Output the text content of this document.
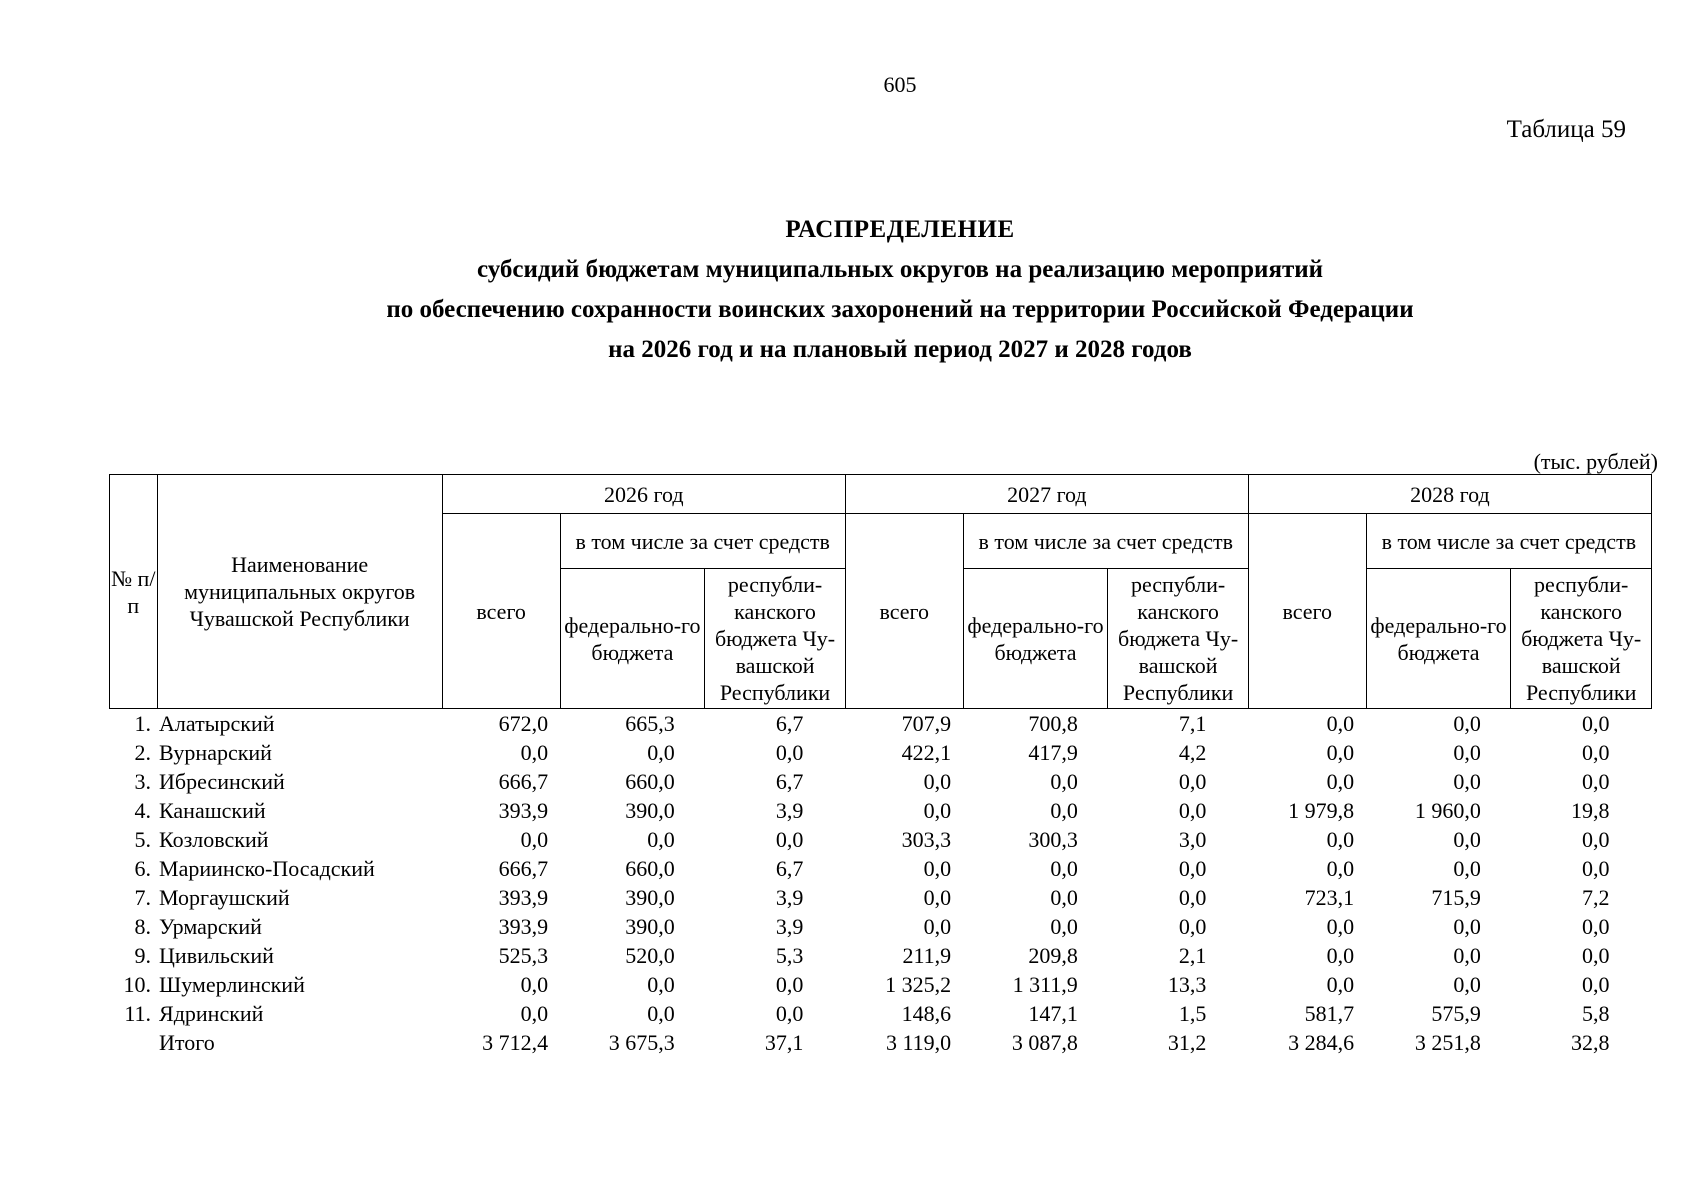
605
Таблица 59
РАСПРЕДЕЛЕНИЕ
субсидий бюджетам муниципальных округов на реализацию мероприятий
по обеспечению сохранности воинских захоронений на территории Российской Федерации
на 2026 год и на плановый период 2027 и 2028 годов
(тыс. рублей)
№ п/п	Наименование муниципальных округов Чувашской Республики	2026 год			2027 год			2028 год		
		всего	в том числе за счет средств		всего	в том числе за счет средств		всего	в том числе за счет средств	
			федерально-го бюджета	республи-канского бюджета Чу-вашской Республики		федерально-го бюджета	республи-канского бюджета Чу-вашской Республики		федерально-го бюджета	республи-канского бюджета Чу-вашской Республики
1.	Алатырский	672,0	665,3	6,7	707,9	700,8	7,1	0,0	0,0	0,0
2.	Вурнарский	0,0	0,0	0,0	422,1	417,9	4,2	0,0	0,0	0,0
3.	Ибресинский	666,7	660,0	6,7	0,0	0,0	0,0	0,0	0,0	0,0
4.	Канашский	393,9	390,0	3,9	0,0	0,0	0,0	1 979,8	1 960,0	19,8
5.	Козловский	0,0	0,0	0,0	303,3	300,3	3,0	0,0	0,0	0,0
6.	Мариинско-Посадский	666,7	660,0	6,7	0,0	0,0	0,0	0,0	0,0	0,0
7.	Моргаушский	393,9	390,0	3,9	0,0	0,0	0,0	723,1	715,9	7,2
8.	Урмарский	393,9	390,0	3,9	0,0	0,0	0,0	0,0	0,0	0,0
9.	Цивильский	525,3	520,0	5,3	211,9	209,8	2,1	0,0	0,0	0,0
10.	Шумерлинский	0,0	0,0	0,0	1 325,2	1 311,9	13,3	0,0	0,0	0,0
11.	Ядринский	0,0	0,0	0,0	148,6	147,1	1,5	581,7	575,9	5,8
	Итого	3 712,4	3 675,3	37,1	3 119,0	3 087,8	31,2	3 284,6	3 251,8	32,8
